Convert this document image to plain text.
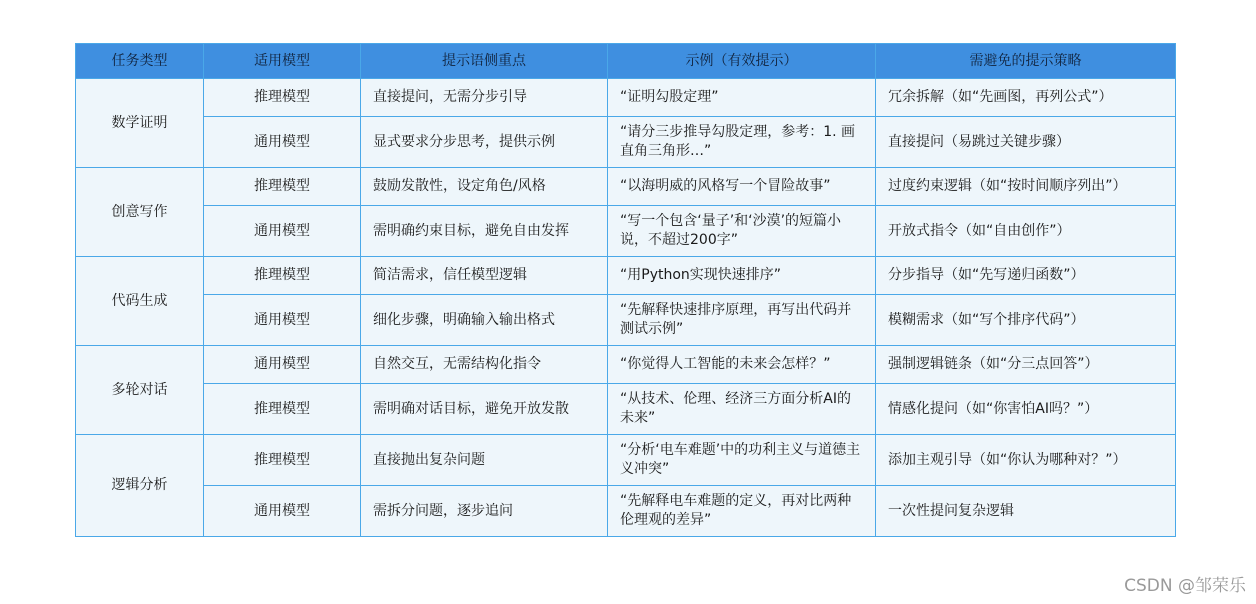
任务类型	适用模型	提示语侧重点	示例（有效提示）	需避免的提示策略
数学证明	推理模型	直接提问，无需分步引导	“证明勾股定理”	冗余拆解（如“先画图，再列公式”）
	通用模型	显式要求分步思考，提供示例	“请分三步推导勾股定理，参考：1. 画直角三角形…”	直接提问（易跳过关键步骤）
创意写作	推理模型	鼓励发散性，设定角色/风格	“以海明威的风格写一个冒险故事”	过度约束逻辑（如“按时间顺序列出”）
	通用模型	需明确约束目标，避免自由发挥	“写一个包含‘量子’和‘沙漠’的短篇小说，不超过200字”	开放式指令（如“自由创作”）
代码生成	推理模型	简洁需求，信任模型逻辑	“用Python实现快速排序”	分步指导（如“先写递归函数”）
	通用模型	细化步骤，明确输入输出格式	“先解释快速排序原理，再写出代码并测试示例”	模糊需求（如“写个排序代码”）
多轮对话	通用模型	自然交互，无需结构化指令	“你觉得人工智能的未来会怎样？”	强制逻辑链条（如“分三点回答”）
	推理模型	需明确对话目标，避免开放发散	“从技术、伦理、经济三方面分析AI的未来”	情感化提问（如“你害怕AI吗？”）
逻辑分析	推理模型	直接抛出复杂问题	“分析‘电车难题’中的功利主义与道德主义冲突”	添加主观引导（如“你认为哪种对？”）
	通用模型	需拆分问题，逐步追问	“先解释电车难题的定义，再对比两种伦理观的差异”	一次性提问复杂逻辑
CSDN @邹荣乐
